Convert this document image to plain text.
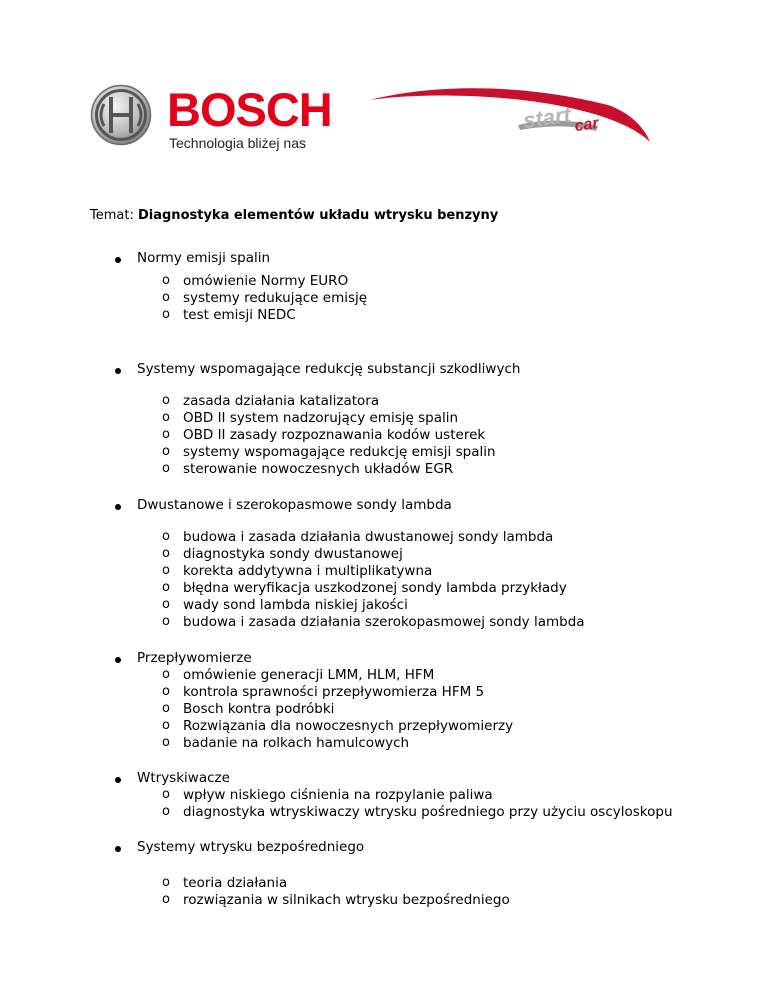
BOSCH
Technologia bliżej nas
start car
Temat: Diagnostyka elementów układu wtrysku benzyny
Normy emisji spalin
o omówienie Normy EURO
o systemy redukujące emisję
o test emisji NEDC
Systemy wspomagające redukcję substancji szkodliwych
o zasada działania katalizatora
o OBD II system nadzorujący emisję spalin
o OBD II zasady rozpoznawania kodów usterek
o systemy wspomagające redukcję emisji spalin
o sterowanie nowoczesnych układów EGR
Dwustanowe i szerokopasmowe sondy lambda
o budowa i zasada działania dwustanowej sondy lambda
o diagnostyka sondy dwustanowej
o korekta addytywna i multiplikatywna
o błędna weryfikacja uszkodzonej sondy lambda przykłady
o wady sond lambda niskiej jakości
o budowa i zasada działania szerokopasmowej sondy lambda
Przepływomierze
o omówienie generacji LMM, HLM, HFM
o kontrola sprawności przepływomierza HFM 5
o Bosch kontra podróbki
o Rozwiązania dla nowoczesnych przepływomierzy
o badanie na rolkach hamulcowych
Wtryskiwacze
o wpływ niskiego ciśnienia na rozpylanie paliwa
o diagnostyka wtryskiwaczy wtrysku pośredniego przy użyciu oscyloskopu
Systemy wtrysku bezpośredniego
o teoria działania
o rozwiązania w silnikach wtrysku bezpośredniego
